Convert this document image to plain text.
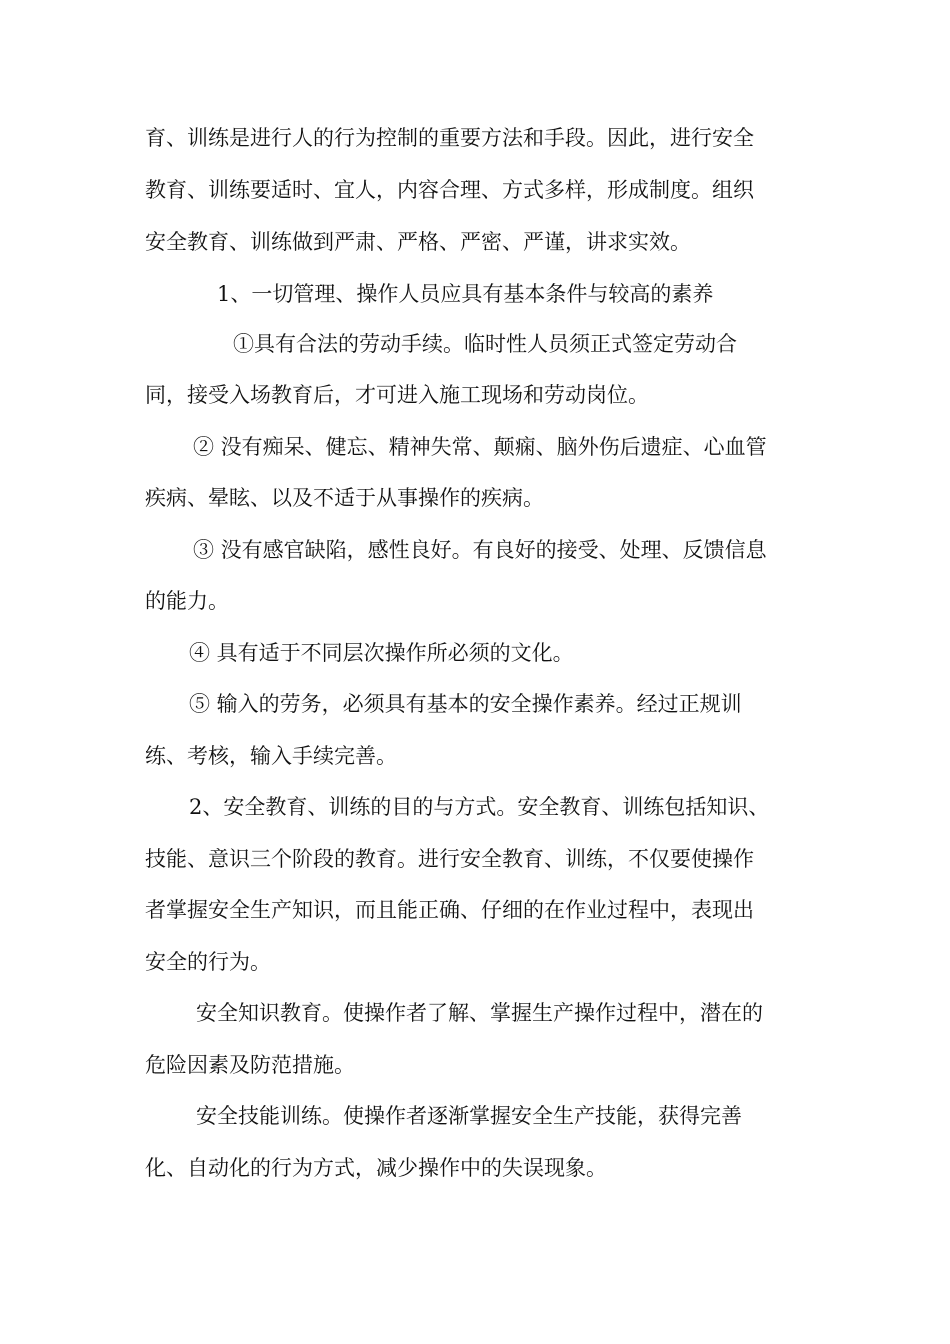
育、训练是进行人的行为控制的重要方法和手段。因此，进行安全
教育、训练要适时、宜人，内容合理、方式多样，形成制度。组织
安全教育、训练做到严肃、严格、严密、严谨，讲求实效。
1、一切管理、操作人员应具有基本条件与较高的素养
①具有合法的劳动手续。临时性人员须正式签定劳动合
同，接受入场教育后，才可进入施工现场和劳动岗位。
② 没有痴呆、健忘、精神失常、颠痫、脑外伤后遗症、心血管
疾病、晕眩、以及不适于从事操作的疾病。
③ 没有感官缺陷，感性良好。有良好的接受、处理、反馈信息
的能力。
④ 具有适于不同层次操作所必须的文化。
⑤ 输入的劳务，必须具有基本的安全操作素养。经过正规训
练、考核，输入手续完善。
2、安全教育、训练的目的与方式。安全教育、训练包括知识、
技能、意识三个阶段的教育。进行安全教育、训练，不仅要使操作
者掌握安全生产知识，而且能正确、仔细的在作业过程中，表现出
安全的行为。
安全知识教育。使操作者了解、掌握生产操作过程中，潜在的
危险因素及防范措施。
安全技能训练。使操作者逐渐掌握安全生产技能，获得完善
化、自动化的行为方式，减少操作中的失误现象。
